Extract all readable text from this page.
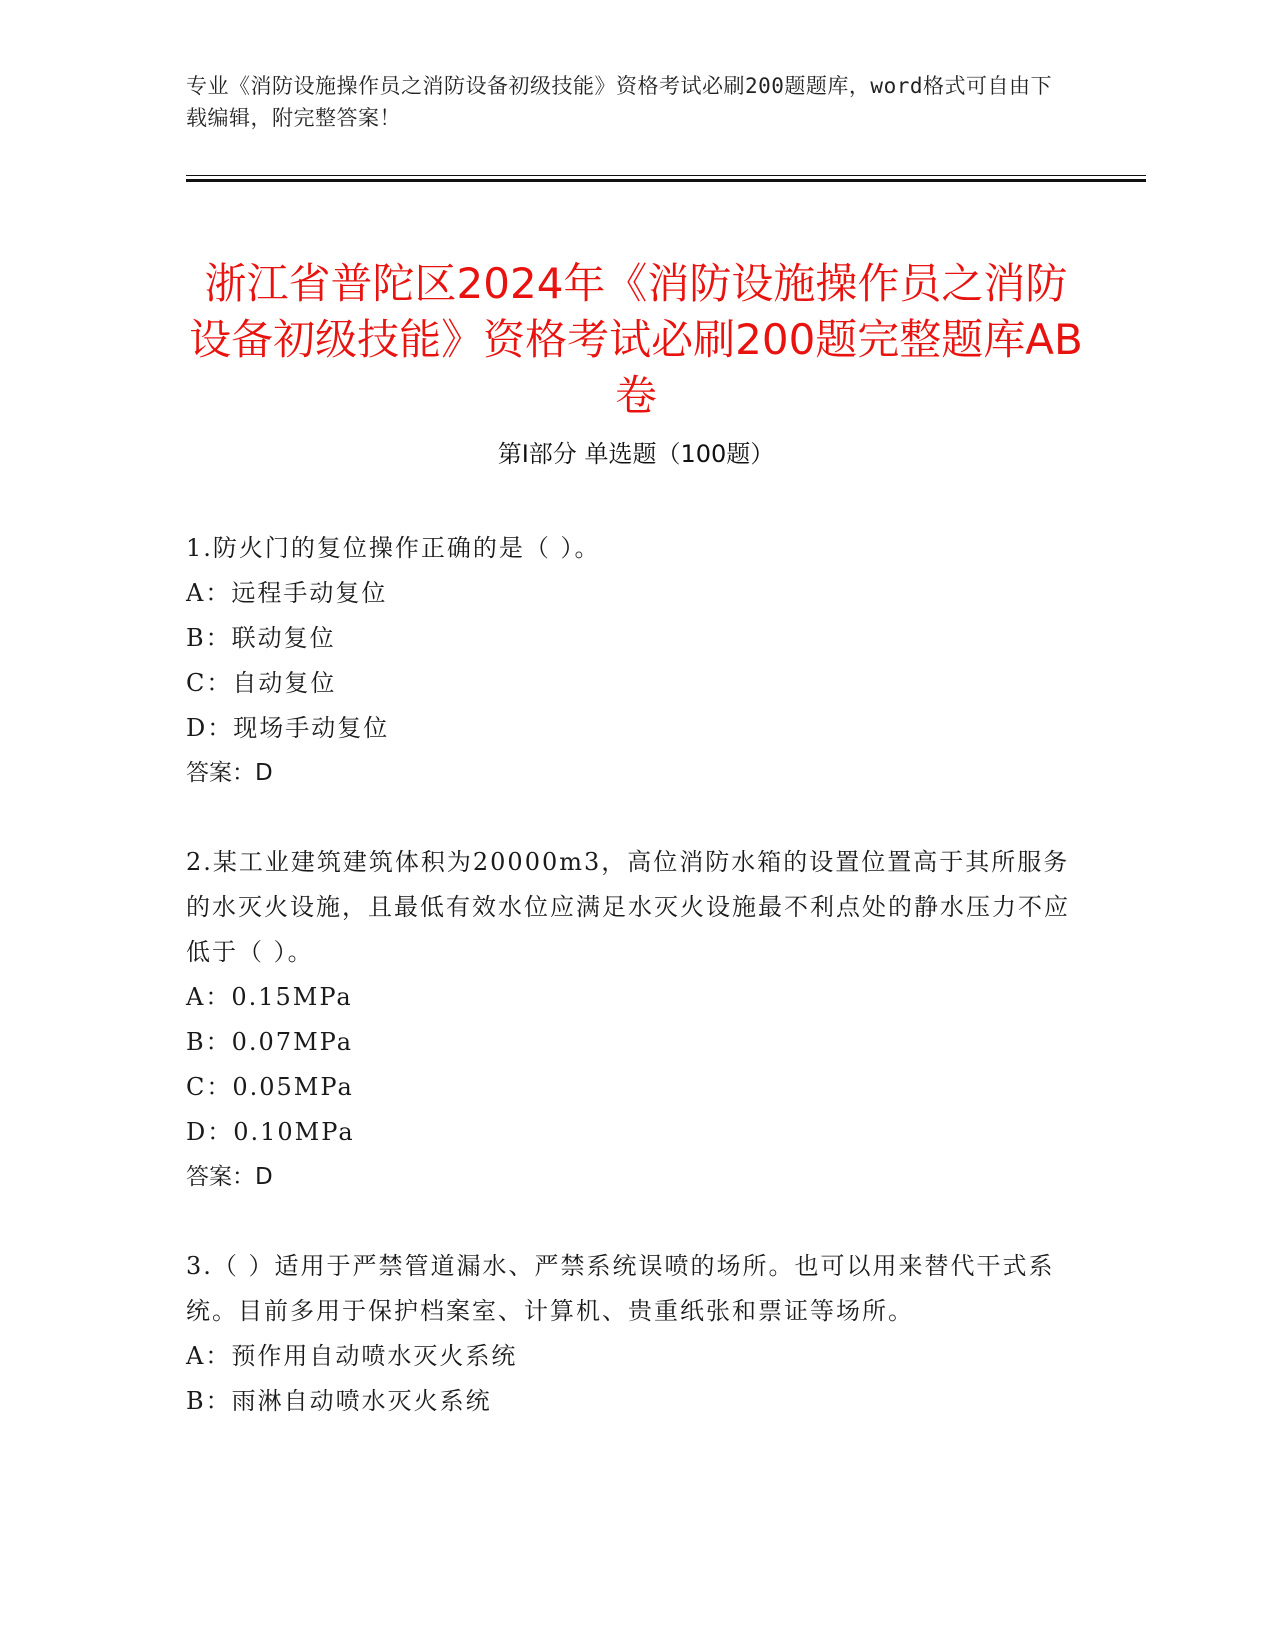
专业《消防设施操作员之消防设备初级技能》资格考试必刷200题题库，word格式可自由下载编辑，附完整答案！
浙江省普陀区2024年《消防设施操作员之消防设备初级技能》资格考试必刷200题完整题库AB卷
第Ⅰ部分 单选题（100题）
1.防火门的复位操作正确的是（ ）。
A：远程手动复位
B：联动复位
C：自动复位
D：现场手动复位
答案：D
2.某工业建筑建筑体积为20000m3，高位消防水箱的设置位置高于其所服务的水灭火设施，且最低有效水位应满足水灭火设施最不利点处的静水压力不应低于（ ）。
A：0.15MPa
B：0.07MPa
C：0.05MPa
D：0.10MPa
答案：D
3.（ ）适用于严禁管道漏水、严禁系统误喷的场所。也可以用来替代干式系统。目前多用于保护档案室、计算机、贵重纸张和票证等场所。
A：预作用自动喷水灭火系统
B：雨淋自动喷水灭火系统
